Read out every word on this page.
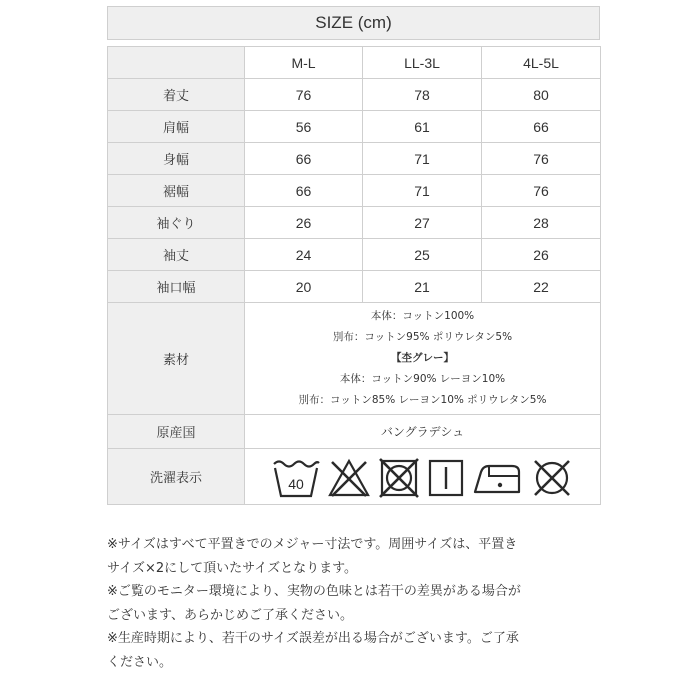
SIZE (cm)
	M-L	LL-3L	4L-5L
着丈	76	78	80
肩幅	56	61	66
身幅	66	71	76
裾幅	66	71	76
袖ぐり	26	27	28
袖丈	24	25	26
袖口幅	20	21	22
素材	本体：コットン100%
別布：コットン95% ポリウレタン5%
【杢グレー】
本体：コットン90% レーヨン10%
別布：コットン85% レーヨン10% ポリウレタン5%		

原産国	バングラデシュ		
洗濯表示	40		

※サイズはすべて平置きでのメジャー寸法です。周囲サイズは、平置き

サイズ×2にして頂いたサイズとなります。

※ご覧のモニター環境により、実物の色味とは若干の差異がある場合が

ございます、あらかじめご了承ください。

※生産時期により、若干のサイズ誤差が出る場合がございます。ご了承

ください。
